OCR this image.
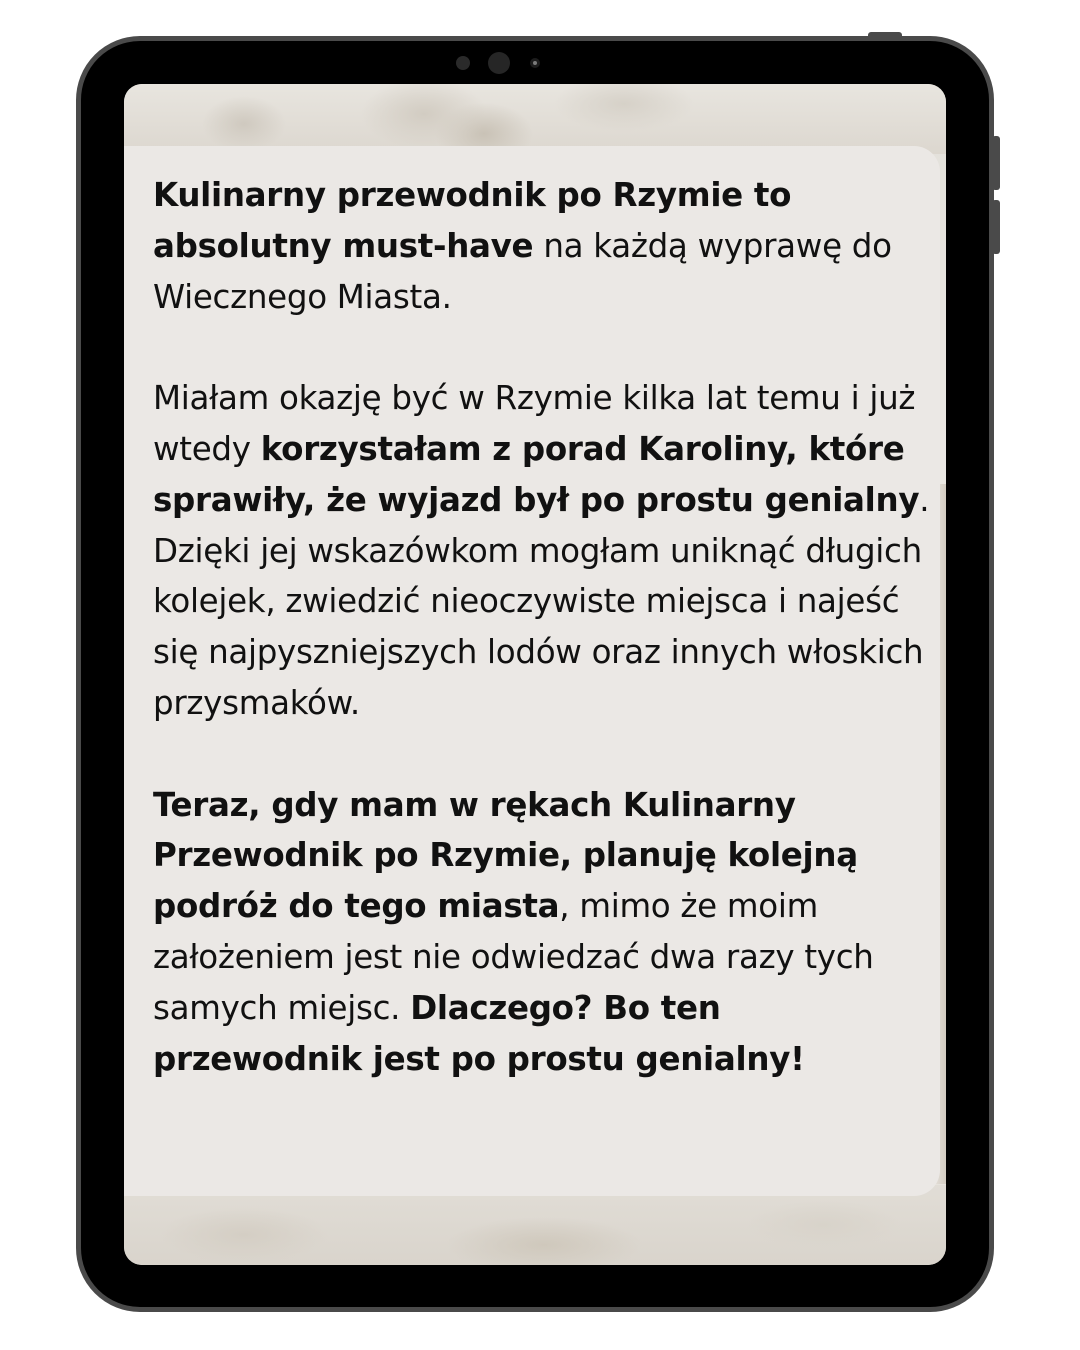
Kulinarny przewodnik po Rzymie to absolutny must-have na każdą wyprawę do Wiecznego Miasta.

Miałam okazję być w Rzymie kilka lat temu i już wtedy korzystałam z porad Karoliny, które sprawiły, że wyjazd był po prostu genialny. Dzięki jej wskazówkom mogłam uniknąć długich kolejek, zwiedzić nieoczywiste miejsca i najeść się najpyszniejszych lodów oraz innych włoskich przysmaków.

Teraz, gdy mam w rękach Kulinarny Przewodnik po Rzymie, planuję kolejną podróż do tego miasta, mimo że moim założeniem jest nie odwiedzać dwa razy tych samych miejsc. Dlaczego? Bo ten przewodnik jest po prostu genialny!
